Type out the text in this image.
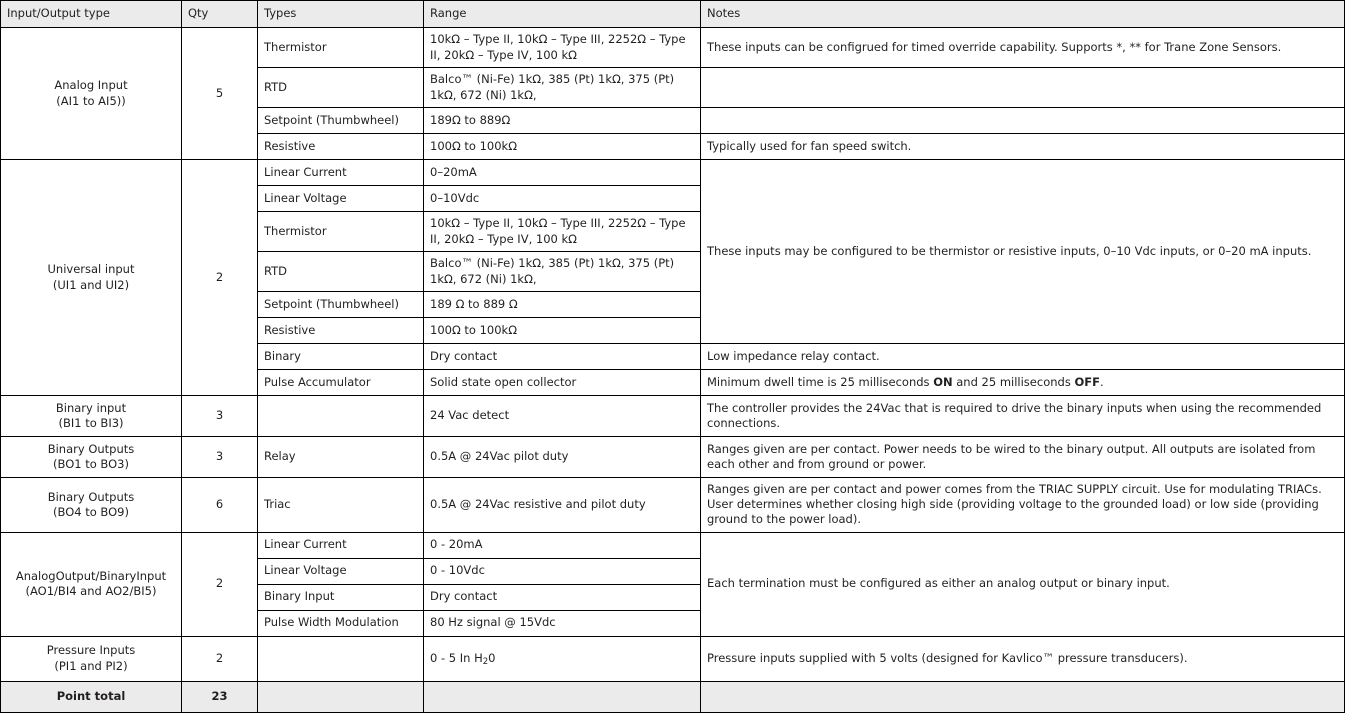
Input/Output type	Qty	Types	Range	Notes
Analog Input
(AI1 to AI5))	5	Thermistor	10kΩ – Type II, 10kΩ – Type III, 2252Ω – Type II, 20kΩ – Type IV, 100 kΩ	These inputs can be configrued for timed override capability. Supports *, ** for Trane Zone Sensors.
		RTD	Balco™ (Ni-Fe) 1kΩ, 385 (Pt) 1kΩ, 375 (Pt) 1kΩ, 672 (Ni) 1kΩ,	
		Setpoint (Thumbwheel)	189Ω to 889Ω	
		Resistive	100Ω to 100kΩ	Typically used for fan speed switch.
Universal input
(UI1 and UI2)	2	Linear Current	0–20mA	These inputs may be configured to be thermistor or resistive inputs, 0–10 Vdc inputs, or 0–20 mA inputs.
		Linear Voltage	0–10Vdc	
		Thermistor	10kΩ – Type II, 10kΩ – Type III, 2252Ω – Type II, 20kΩ – Type IV, 100 kΩ	
		RTD	Balco™ (Ni-Fe) 1kΩ, 385 (Pt) 1kΩ, 375 (Pt) 1kΩ, 672 (Ni) 1kΩ,	
		Setpoint (Thumbwheel)	189 Ω to 889 Ω	
		Resistive	100Ω to 100kΩ	
		Binary	Dry contact	Low impedance relay contact.
		Pulse Accumulator	Solid state open collector	Minimum dwell time is 25 milliseconds ON and 25 milliseconds OFF.
Binary input
(BI1 to BI3)	3		24 Vac detect	The controller provides the 24Vac that is required to drive the binary inputs when using the recommended connections.
Binary Outputs
(BO1 to BO3)	3	Relay	0.5A @ 24Vac pilot duty	Ranges given are per contact. Power needs to be wired to the binary output. All outputs are isolated from each other and from ground or power.
Binary Outputs
(BO4 to BO9)	6	Triac	0.5A @ 24Vac resistive and pilot duty	Ranges given are per contact and power comes from the TRIAC SUPPLY circuit. Use for modulating TRIACs. User determines whether closing high side (providing voltage to the grounded load) or low side (providing ground to the power load).
AnalogOutput/BinaryInput
(AO1/BI4 and AO2/BI5)	2	Linear Current	0 - 20mA	Each termination must be configured as either an analog output or binary input.
		Linear Voltage	0 - 10Vdc	
		Binary Input	Dry contact	
		Pulse Width Modulation	80 Hz signal @ 15Vdc	
Pressure Inputs
(PI1 and PI2)	2		0 - 5 In $H_20$	Pressure inputs supplied with 5 volts (designed for Kavlico™ pressure transducers).
Point total	23			
